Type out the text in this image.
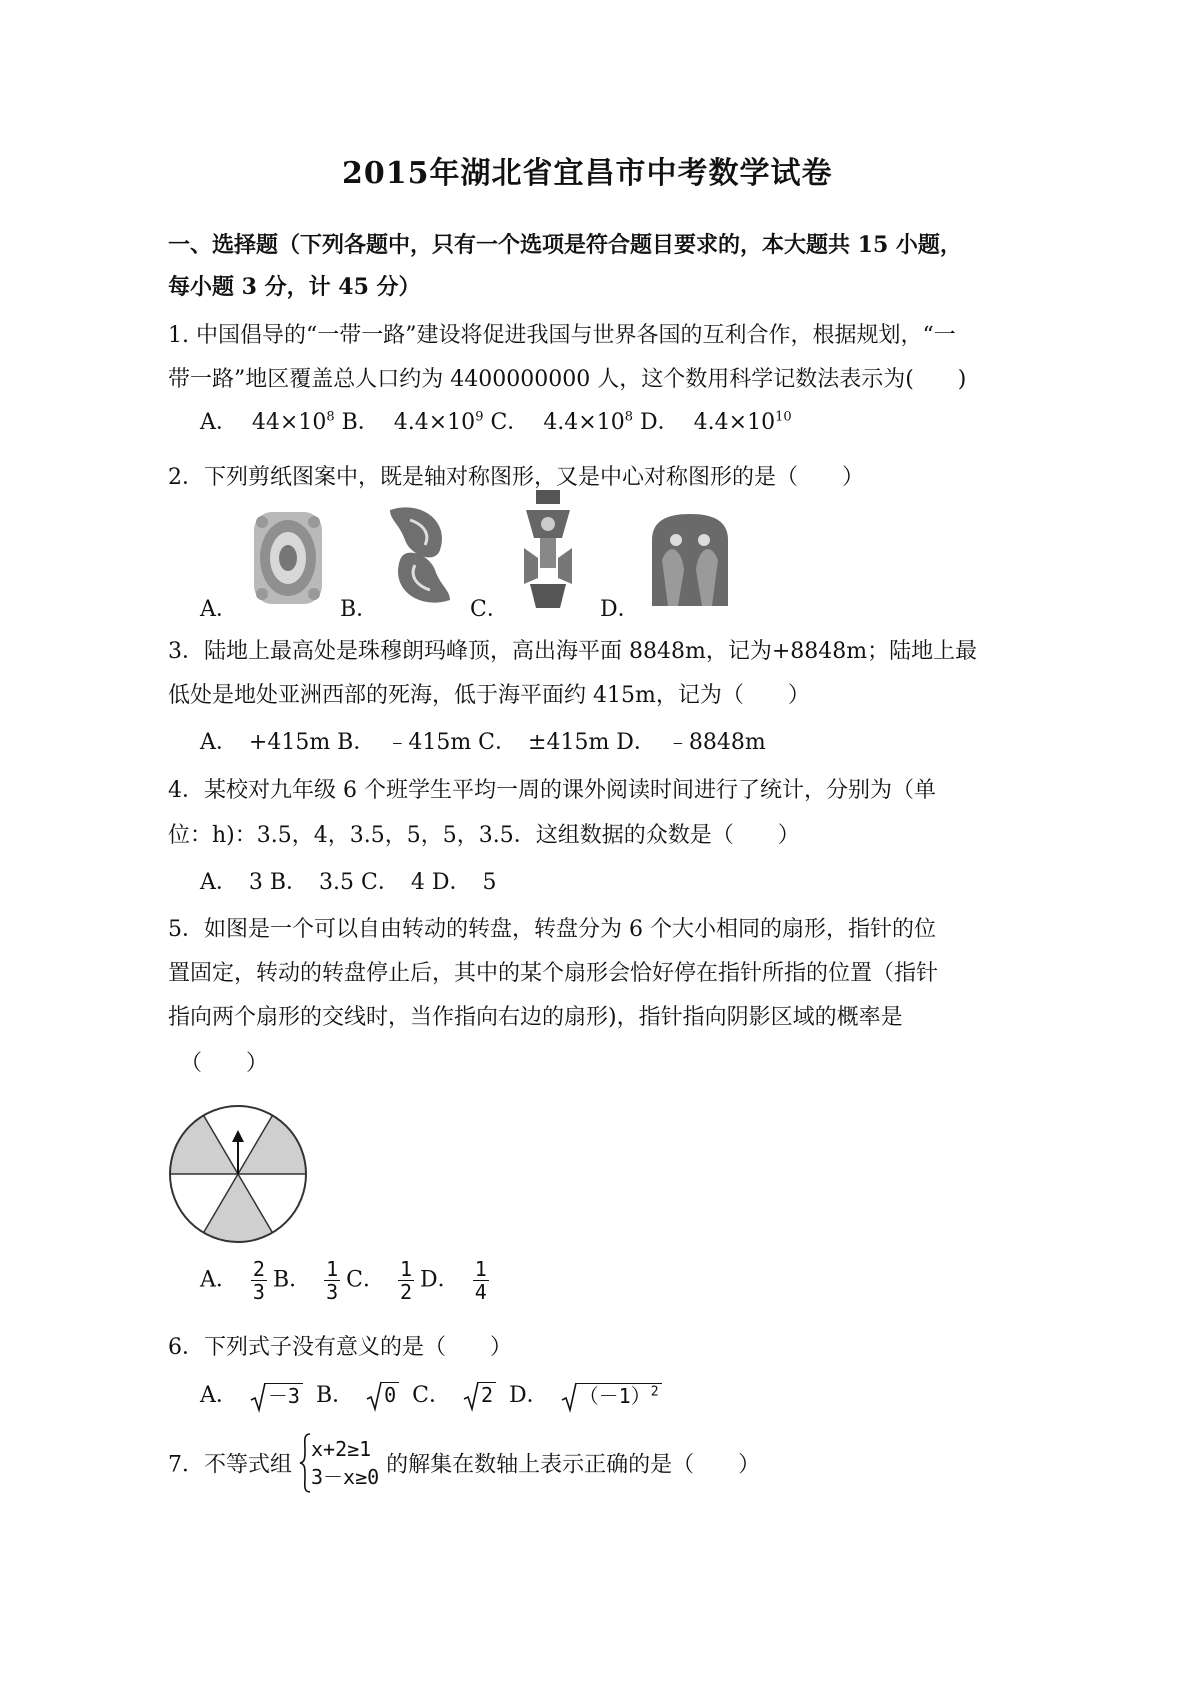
2015年湖北省宜昌市中考数学试卷
一、选择题（下列各题中，只有一个选项是符合题目要求的，本大题共 15 小题，
每小题 3 分，计 45 分）
1. 中国倡导的“一带一路”建设将促进我国与世界各国的互利合作，根据规划，“一
带一路”地区覆盖总人口约为 4400000000 人，这个数用科学记数法表示为(　　)
A． $44\times 10^8$ B． $4.4\times 10^9$ C． $4.4\times 10^8$ D． $4.4\times 10^{10}$
2．下列剪纸图案中，既是轴对称图形，又是中心对称图形的是（　　）
A．	B．	C．	D．
3．陆地上最高处是珠穆朗玛峰顶，高出海平面 8848m，记为+8848m；陆地上最
低处是地处亚洲西部的死海，低于海平面约 415m，记为（　　）
A．　+415m B．　﹣415m C．　±415m D．　﹣8848m
4．某校对九年级 6 个班学生平均一周的课外阅读时间进行了统计，分别为（单
位：h)：3.5，4，3.5，5，5，3.5．这组数据的众数是（　　）
A．　3 B．　3.5 C．　4 D．　5
5．如图是一个可以自由转动的转盘，转盘分为 6 个大小相同的扇形，指针的位
置固定，转动的转盘停止后，其中的某个扇形会恰好停在指针所指的位置（指针
指向两个扇形的交线时，当作指向右边的扇形)，指针指向阴影区域的概率是
（　　）
A． $\frac{2}{3}$ B． $\frac{1}{3}$ C． $\frac{1}{2}$ D． $\frac{1}{4}$
6．下列式子没有意义的是（　　）
A． －3 B． 0 C． 2 D． $(-1)^2$
7．不等式组
x+2≥1
3－x≥0 的解集在数轴上表示正确的是（　　）
